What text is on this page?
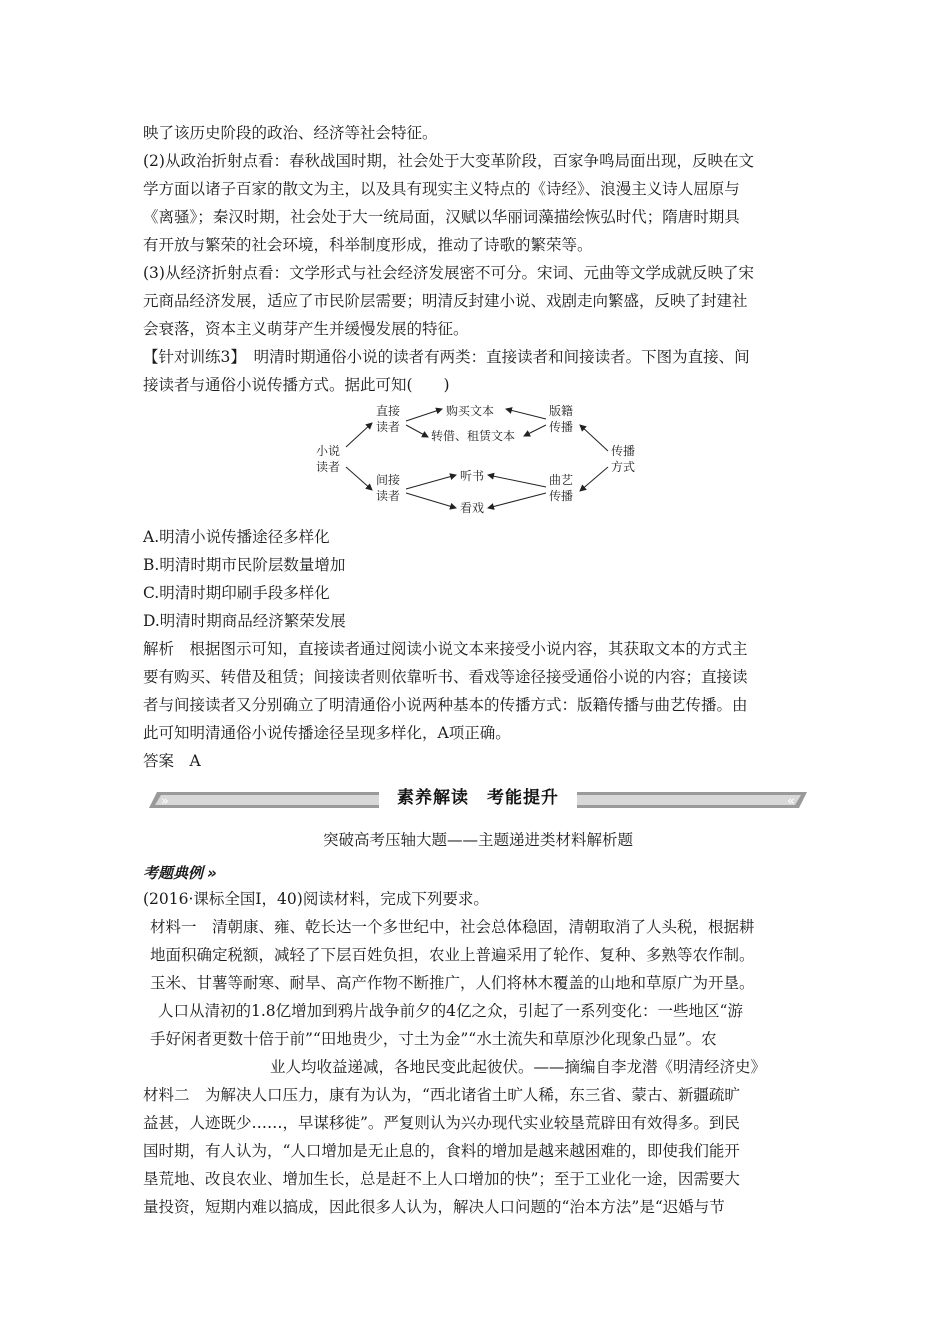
映了该历史阶段的政治、经济等社会特征。
(2)从政治折射点看：春秋战国时期，社会处于大变革阶段，百家争鸣局面出现，反映在文
学方面以诸子百家的散文为主，以及具有现实主义特点的《诗经》、浪漫主义诗人屈原与
《离骚》；秦汉时期，社会处于大一统局面，汉赋以华丽词藻描绘恢弘时代；隋唐时期具
有开放与繁荣的社会环境，科举制度形成，推动了诗歌的繁荣等。
(3)从经济折射点看：文学形式与社会经济发展密不可分。宋词、元曲等文学成就反映了宋
元商品经济发展，适应了市民阶层需要；明清反封建小说、戏剧走向繁盛，反映了封建社
会衰落，资本主义萌芽产生并缓慢发展的特征。
【针对训练3】　明清时期通俗小说的读者有两类：直接读者和间接读者。下图为直接、间
接读者与通俗小说传播方式。据此可知(　　)
小说
读者
直接
读者
间接
读者
购买文本
转借、租赁文本
听书
看戏
版籍
传播
曲艺
传播
传播
方式
A.明清小说传播途径多样化
B.明清时期市民阶层数量增加
C.明清时期印刷手段多样化
D.明清时期商品经济繁荣发展
解析　根据图示可知，直接读者通过阅读小说文本来接受小说内容，其获取文本的方式主
要有购买、转借及租赁；间接读者则依靠听书、看戏等途径接受通俗小说的内容；直接读
者与间接读者又分别确立了明清通俗小说两种基本的传播方式：版籍传播与曲艺传播。由
此可知明清通俗小说传播途径呈现多样化，A项正确。
答案　A
»	«
素养解读　考能提升
突破高考压轴大题——主题递进类材料解析题
考题典例 »
(2016·课标全国Ⅰ，40)阅读材料，完成下列要求。
材料一　清朝康、雍、乾长达一个多世纪中，社会总体稳固，清朝取消了人头税，根据耕
地面积确定税额，减轻了下层百姓负担，农业上普遍采用了轮作、复种、多熟等农作制。
玉米、甘薯等耐寒、耐旱、高产作物不断推广，人们将林木覆盖的山地和草原广为开垦。
人口从清初的1.8亿增加到鸦片战争前夕的4亿之众，引起了一系列变化：一些地区“游
手好闲者更数十倍于前”“田地贵少，寸土为金”“水土流失和草原沙化现象凸显”。农
业人均收益递减，各地民变此起彼伏。——摘编自李龙潜《明清经济史》
材料二　为解决人口压力，康有为认为，“西北诸省土旷人稀，东三省、蒙古、新疆疏旷
益甚，人迹既少……，早谋移徙”。严复则认为兴办现代实业较垦荒辟田有效得多。到民
国时期，有人认为，“人口增加是无止息的，食料的增加是越来越困难的，即使我们能开
垦荒地、改良农业、增加生长，总是赶不上人口增加的快”；至于工业化一途，因需要大
量投资，短期内难以搞成，因此很多人认为，解决人口问题的“治本方法”是“迟婚与节
